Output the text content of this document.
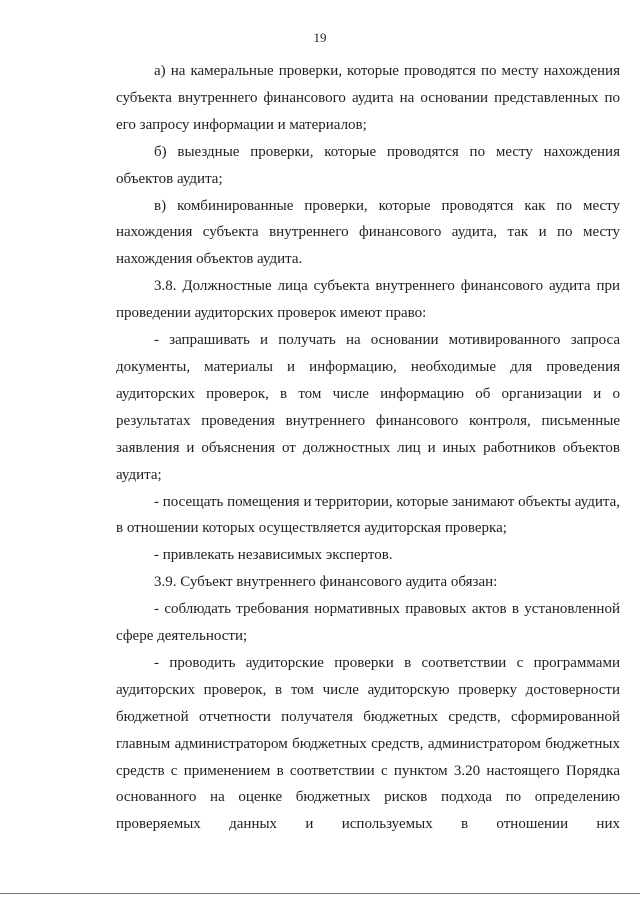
19

а) на камеральные проверки, которые проводятся по месту нахождения субъекта внутреннего финансового аудита на основании представленных по его запросу информации и материалов;

б) выездные проверки, которые проводятся по месту нахождения объектов аудита;

в) комбинированные проверки, которые проводятся как по месту нахождения субъекта внутреннего финансового аудита, так и по месту нахождения объектов аудита.

3.8. Должностные лица субъекта внутреннего финансового аудита при проведении аудиторских проверок имеют право:

- запрашивать и получать на основании мотивированного запроса документы, материалы и информацию, необходимые для проведения аудиторских проверок, в том числе информацию об организации и о результатах проведения внутреннего финансового контроля, письменные заявления и объяснения от должностных лиц и иных работников объектов аудита;

- посещать помещения и территории, которые занимают объекты аудита, в отношении которых осуществляется аудиторская проверка;

- привлекать независимых экспертов.

3.9. Субъект внутреннего финансового аудита обязан:

- соблюдать требования нормативных правовых актов в установленной сфере деятельности;

- проводить аудиторские проверки в соответствии с программами аудиторских проверок, в том числе аудиторскую проверку достоверности бюджетной отчетности получателя бюджетных средств, сформированной главным администратором бюджетных средств, администратором бюджетных средств с применением в соответствии с пунктом 3.20 настоящего Порядка основанного на оценке бюджетных рисков подхода по определению проверяемых данных и используемых в отношении них
